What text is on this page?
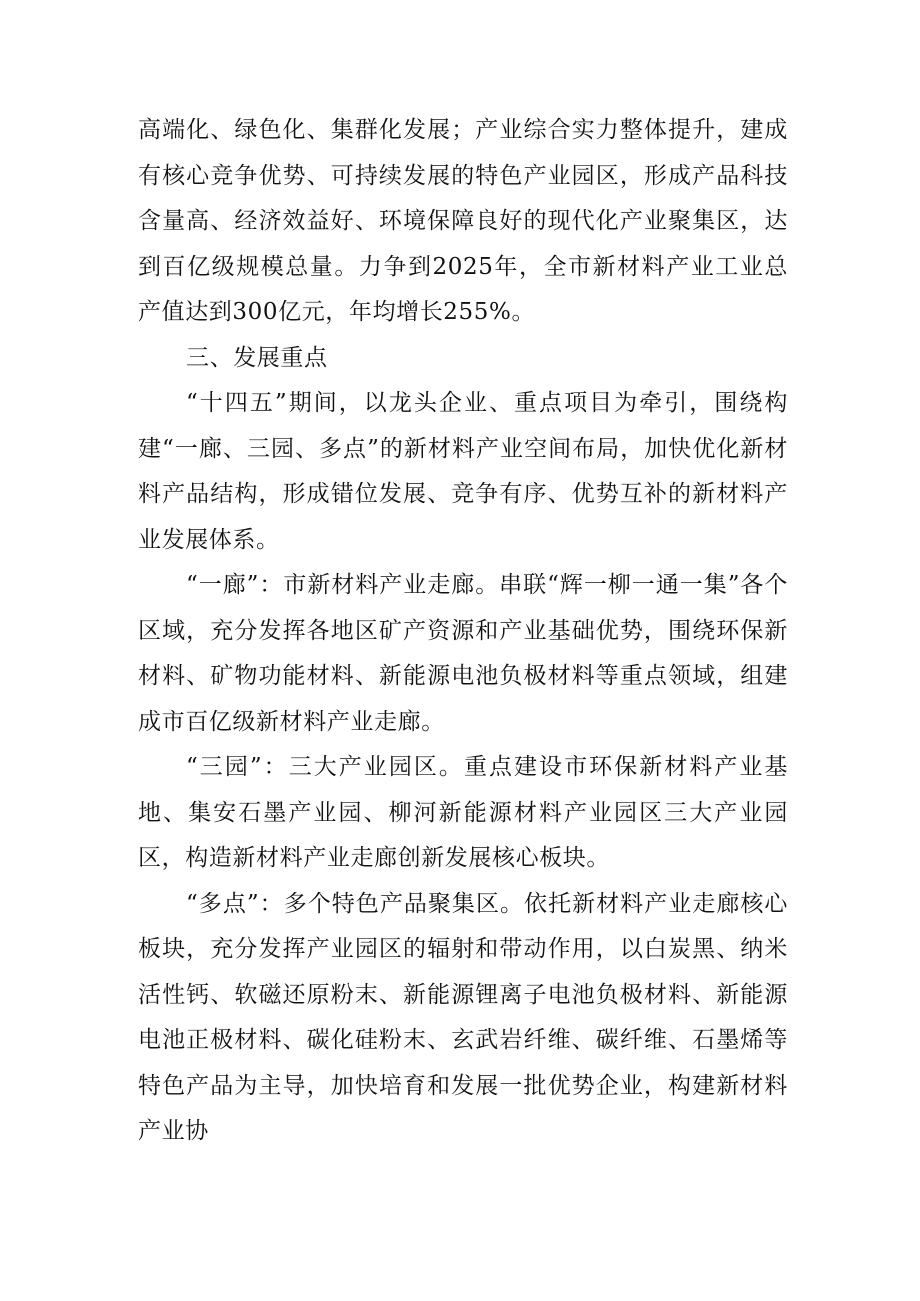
高端化、绿色化、集群化发展；产业综合实力整体提升，建成有核心竞争优势、可持续发展的特色产业园区，形成产品科技含量高、经济效益好、环境保障良好的现代化产业聚集区，达到百亿级规模总量。力争到2025年，全市新材料产业工业总产值达到300亿元，年均增长255%。

三、发展重点

“十四五”期间，以龙头企业、重点项目为牵引，围绕构建“一廊、三园、多点”的新材料产业空间布局，加快优化新材料产品结构，形成错位发展、竞争有序、优势互补的新材料产业发展体系。

“一廊”：市新材料产业走廊。串联“辉一柳一通一集”各个区域，充分发挥各地区矿产资源和产业基础优势，围绕环保新材料、矿物功能材料、新能源电池负极材料等重点领域，组建成市百亿级新材料产业走廊。

“三园”：三大产业园区。重点建设市环保新材料产业基地、集安石墨产业园、柳河新能源材料产业园区三大产业园区，构造新材料产业走廊创新发展核心板块。

“多点”：多个特色产品聚集区。依托新材料产业走廊核心板块，充分发挥产业园区的辐射和带动作用，以白炭黑、纳米活性钙、软磁还原粉末、新能源锂离子电池负极材料、新能源电池正极材料、碳化硅粉末、玄武岩纤维、碳纤维、石墨烯等特色产品为主导，加快培育和发展一批优势企业，构建新材料产业协
